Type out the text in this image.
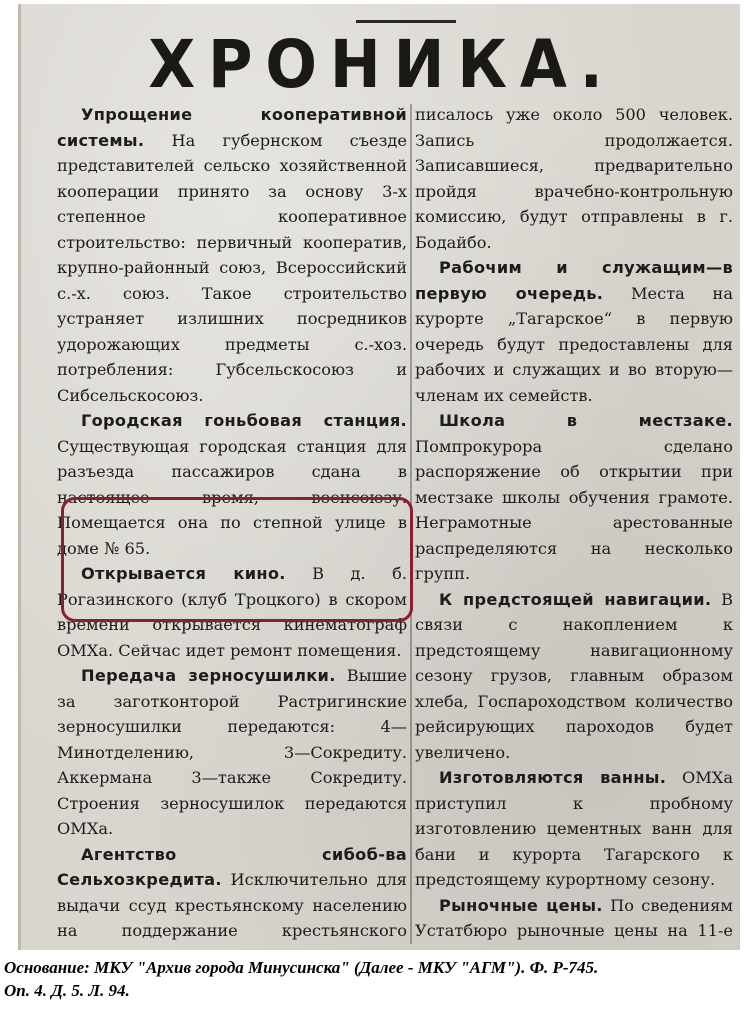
ХРОНИКА.

Упрощение кооперативной системы. На губернском съезде представителей сельско хозяйственной кооперации принято за основу 3-х степенное кооперативное строительство: первичный кооператив, крупно-районный союз, Всероссийский с.-х. союз. Такое строительство устраняет излишних посредников удорожающих предметы с.-хоз. потребления: Губсельскосоюз и Сибсельскосоюз.

Городская гоньбовая станция. Существующая городская станция для разъезда пассажиров сдана в настоящее время, военсоюзу. Помещается она по степной улице в доме № 65.

Открывается кино. В д. б. Рогазинского (клуб Троцкого) в скором времени открывается кинематограф ОМХа. Сейчас идет ремонт помещения.

Передача зерносушилки. Вышие за заготконторой Растригинские зерносушилки передаются: 4—Минотделению, 3—Сокредиту. Аккермана 3—также Сокредиту. Строения зерносушилок передаются ОМХа.

Агентство сибоб-ва Сельхозкредита. Исключительно для выдачи ссуд крестьянскому населению на поддержание крестьянского

писалось уже около 500 человек. Запись продолжается. Записавшиеся, предварительно пройдя врачебно-контрольную комиссию, будут отправлены в г. Бодайбо.

Рабочим и служащим—в первую очередь. Места на курорте „Тагарское“ в первую очередь будут предоставлены для рабочих и служащих и во вторую—членам их семейств.

Школа в местзаке. Помпрокурора сделано распоряжение об открытии при местзаке школы обучения грамоте. Неграмотные арестованные распределяются на несколько групп.

К предстоящей навигации. В связи с накоплением к предстоящему навигационному сезону грузов, главным образом хлеба, Госпароходством количество рейсирующих пароходов будет увеличено.

Изготовляются ванны. ОМХа приступил к пробному изготовлению цементных ванн для бани и курорта Тагарского к предстоящему курортному сезону.

Рыночные цены. По сведениям Устатбюро рыночные цены на 11-е

Основание: МКУ "Архив города Минусинска" (Далее - МКУ "АГМ"). Ф. Р-745.
Оп. 4. Д. 5. Л. 94.
